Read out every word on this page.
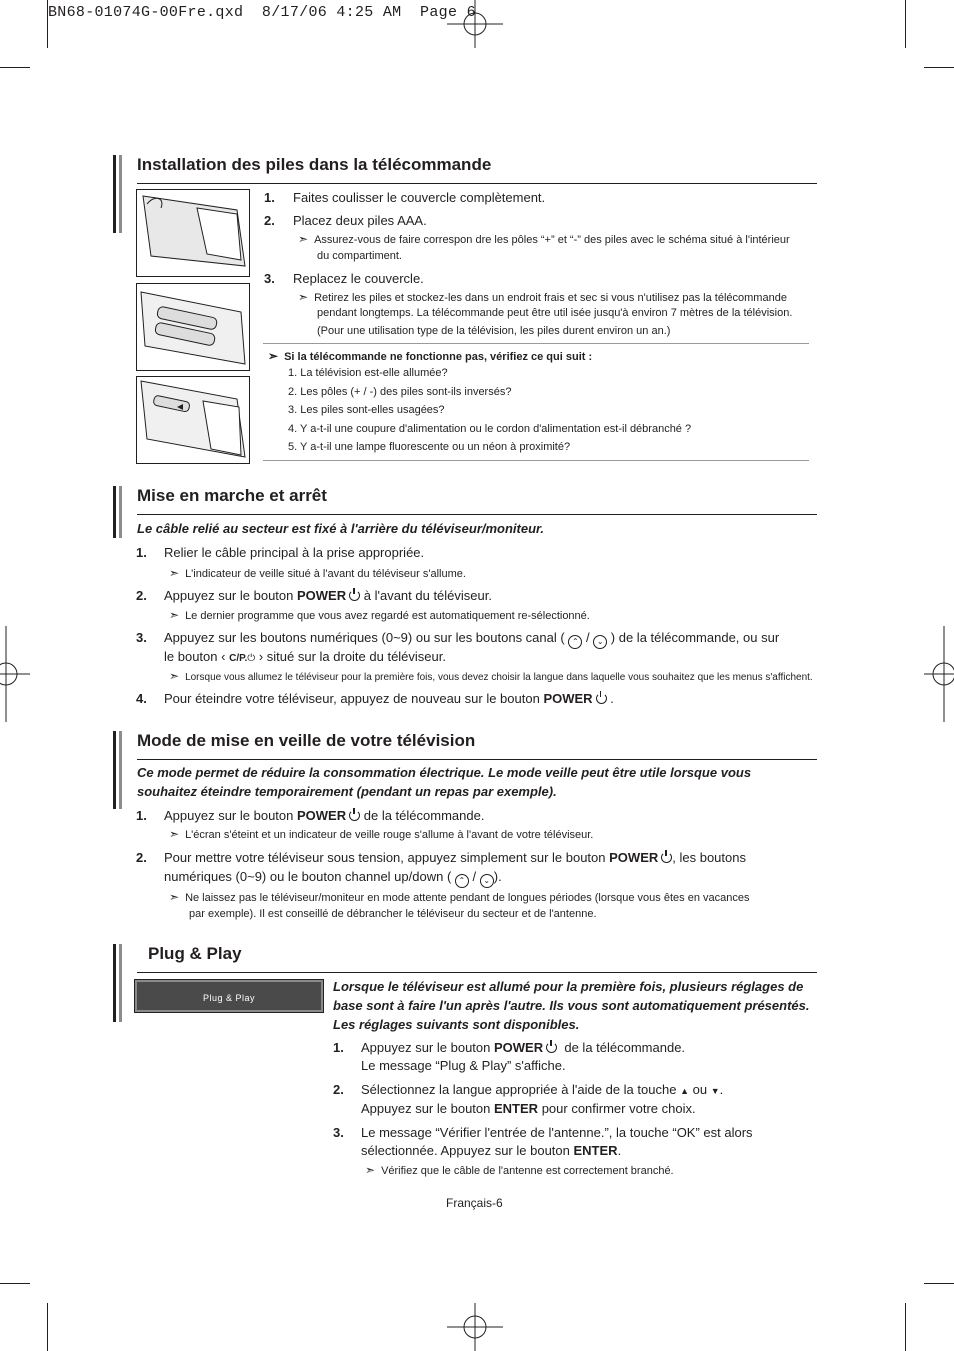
BN68-01074G-00Fre.qxd  8/17/06 4:25 AM  Page 6
Installation des piles dans la télécommande
1. Faites coulisser le couvercle complètement.
2. Placez deux piles AAA.
➣ Assurez-vous de faire correspon dre les pôles “+” et “-” des piles avec le schéma situé à l'intérieur
du compartiment.
3. Replacez le couvercle.
➣ Retirez les piles et stockez-les dans un endroit frais et sec si vous n'utilisez pas la télécommande
pendant longtemps. La télécommande peut être util isée jusqu'à environ 7 mètres de la télévision.
(Pour une utilisation type de la télévision, les piles durent environ un an.)
➣ Si la télécommande ne fonctionne pas, vérifiez ce qui suit :
1. La télévision est-elle allumée?
2. Les pôles (+ / -) des piles sont-ils inversés?
3. Les piles sont-elles usagées?
4. Y a-t-il une coupure d'alimentation ou le cordon d'alimentation est-il débranché ?
5. Y a-t-il une lampe fluorescente ou un néon à proximité?
Mise en marche et arrêt
Le câble relié au secteur est fixé à l'arrière du téléviseur/moniteur.
1. Relier le câble principal à la prise appropriée.
➣ L'indicateur de veille situé à l'avant du téléviseur s'allume.
2. Appuyez sur le bouton POWER à l'avant du téléviseur.
➣ Le dernier programme que vous avez regardé est automatiquement re-sélectionné.
3. Appuyez sur les boutons numériques (0~9) ou sur les boutons canal ( ⌃ / ⌄ ) de la télécommande, ou sur
le bouton ‹ C/P.⏻ › situé sur la droite du téléviseur.
➣ Lorsque vous allumez le téléviseur pour la première fois, vous devez choisir la langue dans laquelle vous souhaitez que les menus s'affichent.
4. Pour éteindre votre téléviseur, appuyez de nouveau sur le bouton POWER .
Mode de mise en veille de votre télévision
Ce mode permet de réduire la consommation électrique. Le mode veille peut être utile lorsque vous
souhaitez éteindre temporairement (pendant un repas par exemple).
1. Appuyez sur le bouton POWER de la télécommande.
➣ L'écran s'éteint et un indicateur de veille rouge s'allume à l'avant de votre téléviseur.
2. Pour mettre votre téléviseur sous tension, appuyez simplement sur le bouton POWER , les boutons
numériques (0~9) ou le bouton channel up/down ( ⌃ / ⌄ ).
➣ Ne laissez pas le téléviseur/moniteur en mode attente pendant de longues périodes (lorsque vous êtes en vacances
par exemple). Il est conseillé de débrancher le téléviseur du secteur et de l'antenne.
Plug & Play
Plug & Play
Lorsque le téléviseur est allumé pour la première fois, plusieurs réglages de
base sont à faire l'un après l'autre. Ils vous sont automatiquement présentés.
Les réglages suivants sont disponibles.
1. Appuyez sur le bouton POWER de la télécommande.
Le message “Plug & Play” s'affiche.
2. Sélectionnez la langue appropriée à l'aide de la touche ▲ ou ▼.
Appuyez sur le bouton ENTER pour confirmer votre choix.
3. Le message “Vérifier l'entrée de l'antenne.”, la touche “OK” est alors
sélectionnée. Appuyez sur le bouton ENTER.
➣ Vérifiez que le câble de l'antenne est correctement branché.
Français-6
